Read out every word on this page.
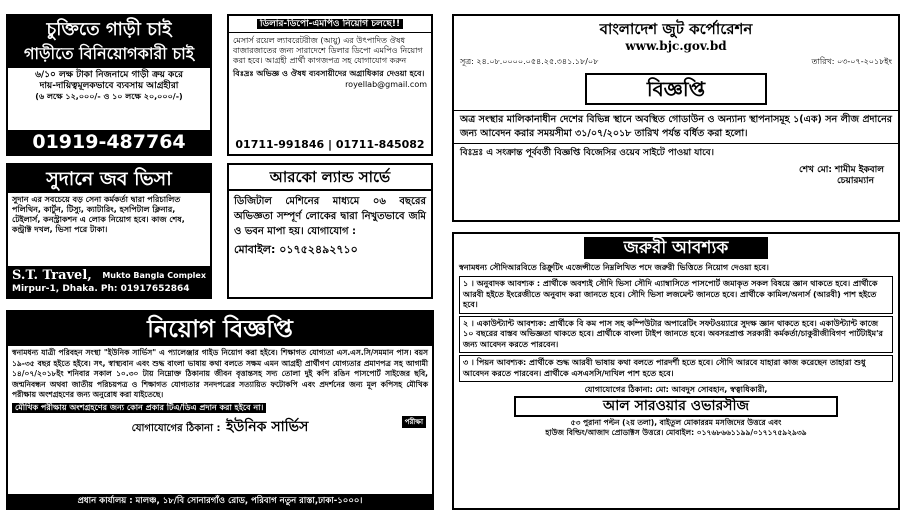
চুক্তিতে গাড়ী চাই
গাড়ীতে বিনিয়োগকারী চাই
৬/১০ লক্ষ টাকা নিজনামে গাড়ী ক্রয় করে
দায়-দায়িত্বমূলকভাবে ব্যবসায় আগ্রহীরা
(৬ লক্ষে ১২,০০০/- ও ১০ লক্ষে ২০,০০০/-)
01919-487764
ডিলার-ডিপো-এমপিও নিয়োগ চলছে!!
মেসার্স রয়েল ল্যাবরেটরীজ (আয়ু) এর উৎপাদিত ঔষধ বাজারজাতের জন্য সারাদেশে ডিলার ডিপো এমপিও নিয়োগ করা হবে। আগ্রহী প্রার্থী কাগজপত্র সহ যোগাযোগ করুন
বিঃদ্রঃ অভিজ্ঞ ও ঔষধ ব্যবসায়ীদের অগ্রাধিকার দেওয়া হবে।
royellab@gmail.com
01711-991846 | 01711-845082
সুদানে জব ভিসা
সুদান এর সবচেয়ে বড় সেনা কর্মকর্তা দ্বারা পরিচালিত পলিথিন, কার্টুন, টিস্যু, ক্যাটারিং, হসপিটাল ক্লিনার, টেইলার্স, কনস্ট্রাকশন এ লোক নিয়োগ হবে। কাজ শেষ, কন্ট্রাক্ট দখল, ভিসা পরে টাকা।
S.T. Travel, Mukto Bangla Complex
Mirpur-1, Dhaka. Ph: 01917652864
আরকো ল্যান্ড সার্ভে
ডিজিটাল মেশিনের মাধ্যমে ০৬ বছরের অভিজ্ঞতা সম্পূর্ণ লোকের দ্বারা নিখুতভাবে জমি ও ভবন মাপা হয়। যোগাযোগ :
মোবাইল: ০১৭৫২৪৯২৭১০
নিয়োগ বিজ্ঞপ্তি
স্বনামধন্য যাত্রী পরিবহন সংস্থা "ইউনিক সার্ভিস" এ প্যালেঞ্জার গাইড নিয়োগ করা হইবে। শিক্ষাগত যোগ্যতা এস.এস.সি/সমমান পাস। বয়স ১৯-৩৫ বছর হইতে হইবে। সৎ, স্বাস্থ্যবান এবং শুদ্ধ বাংলা ভাষায় কথা বলতে সক্ষম এমন আগ্রহী প্রার্থীগণ যোগ্যতার প্রমাণপত্র সহ আগামী ১৪/০৭/২০১৮ইং শনিবার সকাল ১০.৩০ টায় নিম্নোক্ত ঠিকানায় জীবন বৃত্তান্তসহ সদ্য তোলা দুই কপি রঙিন পাসপোর্ট সাইজের ছবি, জন্মনিবন্ধন অথবা জাতীয় পরিচয়পত্র ও শিক্ষাগত যোগ্যতার সনদপত্রের সত্যায়িত ফটোকপি এবং প্রদর্শনের জন্য মূল কপিসহ মৌখিক পরীক্ষায় অংশগ্রহণের জন্য অনুরোধ করা যাইতেছে।
মৌখিক পরীক্ষায় অংশগ্রহণের জন্য কোন প্রকার টিএ/ডিএ প্রদান করা হইবে না।
যোগাযোগের ঠিকানা : ইউনিক সার্ভিস	পরীক্ষা
প্রধান কার্যালয় : মালঞ্চ, ১৮/বি সোনারগাঁও রোড, পরিবাগ নতুন রাস্তা,ঢাকা-১০০০।
বাংলাদেশ জুট কর্পোরেশন
www.bjc.gov.bd
সূত্র: ২৪.০৮.০০০০.০৫৪.২৫.৩৪১.১৮/০৮	তারিখ: ০৩-০৭-২০১৮ইং
বিজ্ঞপ্তি
অত্র সংস্থার মালিকানাধীন দেশের বিভিন্ন স্থানে অবস্থিত গোডাউন ও অন্যান্য স্থাপনাসমূহ ১(এক) সন লীজ প্রদানের জন্য আবেদন করার সময়সীমা ৩১/০৭/২০১৮ তারিখ পর্যন্ত বর্ধিত করা হলো।
বিঃদ্রঃ এ সংক্রান্ত পূর্ববর্তী বিজ্ঞপ্তি বিজেসির ওয়েব সাইটে পাওয়া যাবে।
শেখ মো: শামীম ইকবাল
চেয়ারম্যান
জরুরী আবশ্যক
স্বনামধন্য সৌদিআরবিতে রিক্রুটিং এজেন্সীতে নিম্নলিখিত পদে জরুরী ভিত্তিতে নিয়োগ দেওয়া হবে।
১ । অনুবাদক আবশ্যক : প্রার্থীকে অবশ্যই সৌদি ভিসা সৌদি এ্যাম্বাসিতে পাসপোর্ট জমাকৃত সকল বিষয়ে জ্ঞান থাকতে হবে। প্রার্থীকে আরবী হইতে ইংরেজীতে অনুবাদ করা জানতে হবে। সৌদি ভিসা লজমেন্ট জানতে হবে। প্রার্থীকে কামিল/অনার্স (আরবী) পাশ হইতে হবে।
২ । একাউন্ট্যান্ট আবশ্যক: প্রার্থীকে বি কম পাস সহ কম্পিউটার অপারেটিং সফটওয়্যারে সুদক্ষ জ্ঞান থাকতে হবে। একাউন্ট্যান্ট কাজে ১০ বছরের বাস্তব অভিজ্ঞতা থাকতে হবে। প্রার্থীকে বাংলা টাইপ জানতে হবে। অবসরপ্রাপ্ত সরকারী কর্মকর্তা/চাকুরীজীবিগণ পার্টটাইম'র জন্য আবেদন করতে পারবেন।
৩ । পিয়ন আবশ্যক: প্রার্থীকে শুদ্ধ আরবী ভাষায় কথা বলতে পারদর্শী হতে হবে। সৌদি আরবে যাহারা কাজ করেছেন তাহারা শুধু আবেদন করতে পারবেন। প্রার্থীকে এসএসসি/দাখিল পাশ হতে হবে।
যোগাযোগের ঠিকানা: মো: আবদুস সোবহান, স্বত্বাধিকারী,
আল সারওয়ার ওভারসীজ
৫৩ পুরানা পল্টন (২য় তলা), বাইতুল মোকাররম মসজিদের উত্তরে এবং
হাউজ বিল্ডিং/আজাদ প্রোডাক্টস উত্তরে। মোবাইল: ০১৭৬৮৬৬১১৯৯/০১৭১৭৫৯২৯৩৯
